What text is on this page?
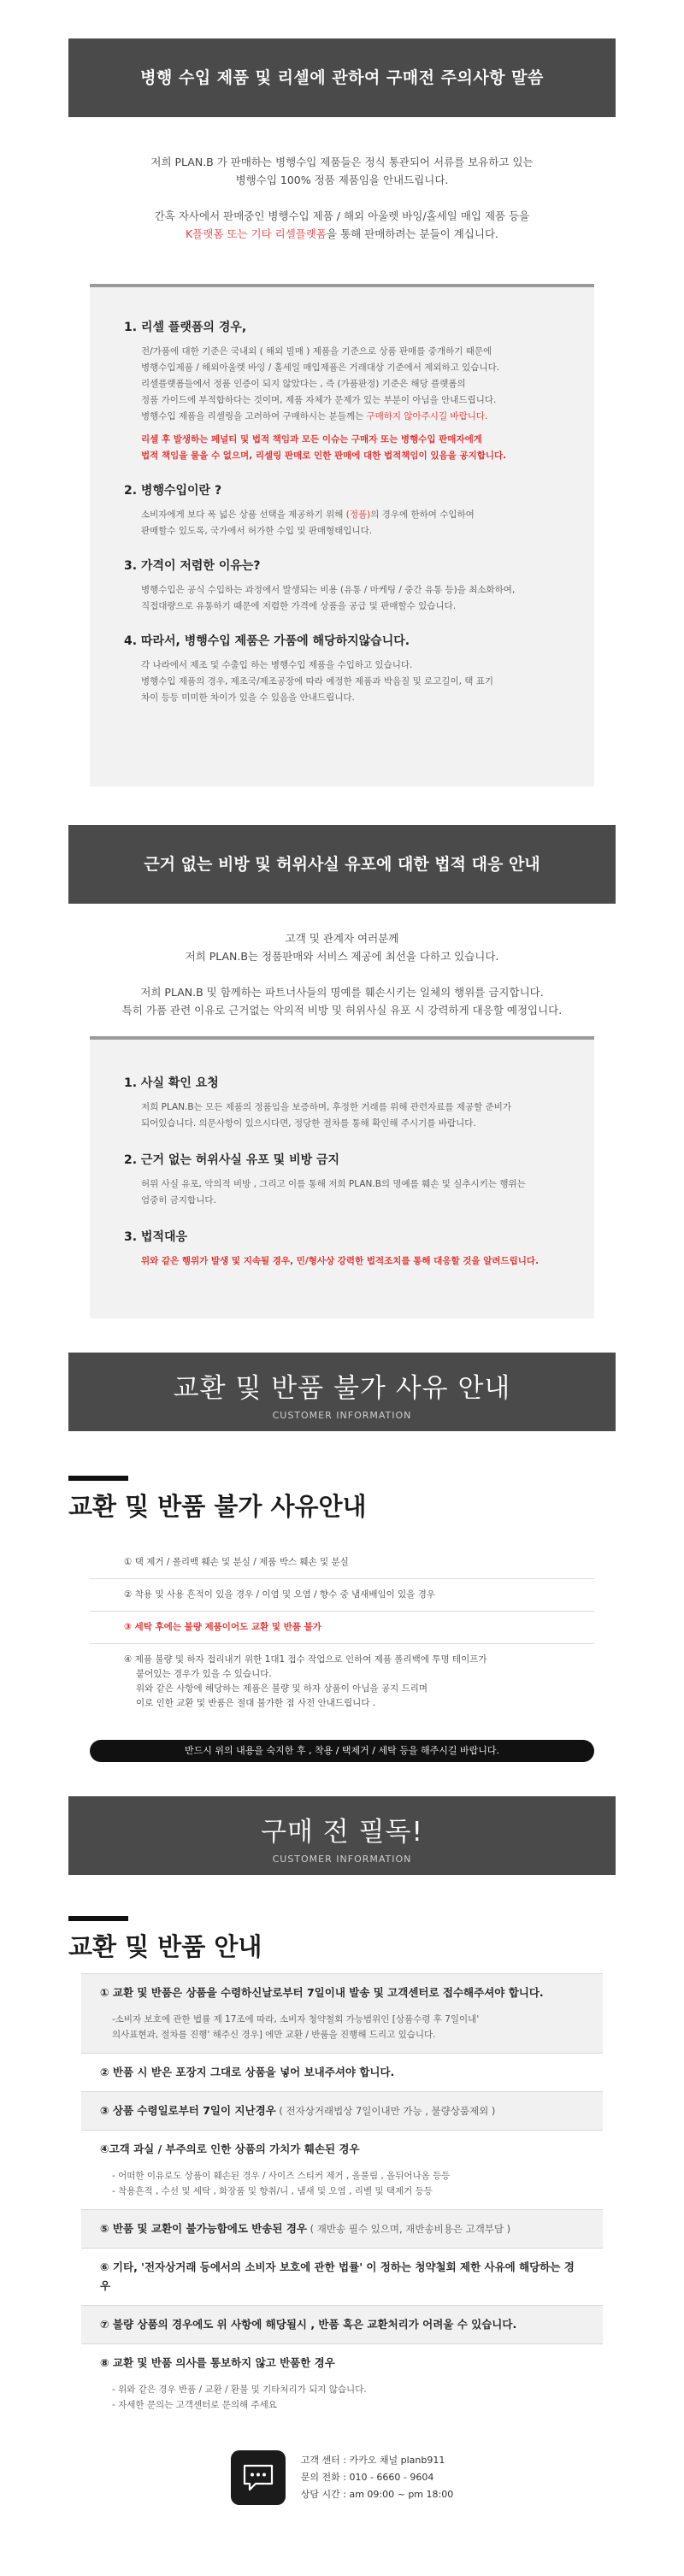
병행 수입 제품 및 리셀에 관하여 구매전 주의사항 말씀
저희 PLAN.B 가 판매하는 병행수입 제품들은 정식 통관되어 서류를 보유하고 있는
병행수입 100% 정품 제품임을 안내드립니다.
간혹 자사에서 판매중인 병행수입 제품 / 해외 아울렛 바잉/홀세일 매입 제품 등을
K플랫폼 또는 기타 리셀플랫폼을 통해 판매하려는 분들이 계십니다.
1. 리셀 플랫폼의 경우,
전/가품에 대한 기준은 국내외 ( 해외 빌매 ) 제품을 기준으로 상품 판매를 중개하기 때문에
병행수입제품 / 해외아울렛 바잉 / 홀세일 매입제품은 거래대상 기준에서 제외하고 있습니다.
리셀플랫폼들에서 정품 인증이 되지 않았다는 , 즉 (가품판정) 기준은 해당 플랫폼의
정품 가이드에 부적합하다는 것이며, 제품 자체가 문제가 있는 부분이 아님을 안내드립니다.
병행수입 제품을 리셀링을 고려하여 구매하시는 분들께는 구매하지 않아주시길 바랍니다.
리셀 후 발생하는 페널티 및 법적 책임과 모든 이슈는 구매자 또는 병행수입 판매자에게
법적 책임을 물을 수 없으며, 리셀링 판매로 인한 판매에 대한 법적책임이 있음을 공지합니다.
2. 병행수입이란 ?
소비자에게 보다 폭 넓은 상품 선택을 제공하기 위해 (정품)의 경우에 한하여 수입하여
판매할수 있도록, 국가에서 허가한 수입 및 판매형태입니다.
3. 가격이 저렴한 이유는?
병행수입은 공식 수입하는 과정에서 발생되는 비용 (유통 / 마케팅 / 중간 유통 등)을 최소화하여,
직접대량으로 유통하기 때문에 저렴한 가격에 상품을 공급 및 판매할수 있습니다.
4. 따라서, 병행수입 제품은 가품에 해당하지않습니다.
각 나라에서 제조 및 수출입 하는 병행수입 제품을 수입하고 있습니다.
병행수입 제품의 경우, 제조국/제조공장에 따라 예정한 제품과 박음질 및 로고길이, 택 표기
차이 등등 미미한 차이가 있을 수 있음을 안내드립니다.
근거 없는 비방 및 허위사실 유포에 대한 법적 대응 안내
고객 및 관계자 여러분께
저희 PLAN.B는 정품판매와 서비스 제공에 최선을 다하고 있습니다.
저희 PLAN.B 및 함께하는 파트너사들의 명예를 훼손시키는 일체의 행위를 금지합니다.
특히 가품 관련 이유로 근거없는 악의적 비방 및 허위사실 유포 시 강력하게 대응할 예정입니다.
1. 사실 확인 요청
저희 PLAN.B는 모든 제품의 정품임을 보증하며, 후정한 거래를 위해 관련자료를 제공할 준비가
되어있습니다. 의문사항이 있으시다면, 정당한 절차를 통해 확인해 주시기를 바랍니다.
2. 근거 없는 허위사실 유포 및 비방 금지
허위 사실 유포, 악의적 비방 , 그리고 이를 통해 저희 PLAN.B의 명예를 훼손 및 실추시키는 행위는
엄중히 금지합니다.
3. 법적대응
위와 같은 행위가 발생 및 지속될 경우, 민/형사상 강력한 법적조치를 통해 대응할 것을 알려드립니다.
교환 및 반품 불가 사유 안내
CUSTOMER INFORMATION
교환 및 반품 불가 사유안내
① 택 제거 / 폴리백 훼손 및 분실 / 제품 박스 훼손 및 분실
② 착용 및 사용 흔적이 있을 경우 / 이염 및 오염 / 향수 중 냄새배임이 있을 경우
③ 세탁 후에는 불량 제품이어도 교환 및 반품 불가
④ 제품 불량 및 하자 접리내기 위한 1대1 접수 작업으로 인하여 제품 폴리백에 투명 테이프가
붙어있는 경우가 있을 수 있습니다.
위와 같은 사항에 해당하는 제품은 불량 및 하자 상품이 아님을 공지 드리며
이로 인한 교환 및 반품은 절대 불가한 점 사전 안내드립니다 .
반드시 위의 내용을 숙지한 후 , 착용 / 택제거 / 세탁 등을 해주시길 바랍니다.
구매 전 필독!
CUSTOMER INFORMATION
교환 및 반품 안내
① 교환 및 반품은 상품을 수령하신날로부터 7일이내 발송 및 고객센터로 접수해주셔야 합니다.
-소비자 보호에 관한 법률 제 17조에 따라, 소비자 청약철회 가능범위인 [상품수령 후 7일이내'
의사표현과, 절차를 진행' 해주신 경우] 에만 교환 / 반품을 진행해 드리고 있습니다.
② 반품 시 받은 포장지 그대로 상품을 넣어 보내주셔야 합니다.
③ 상품 수령일로부터 7일이 지난경우 ( 전자상거래법상 7일이내만 가능 , 불량상품제외 )
④고객 과실 / 부주의로 인한 상품의 가치가 훼손된 경우
- 어떠한 이유로도 상품이 훼손된 경우 / 사이즈 스티커 제거 , 올풀림 , 올뒤어나옴 등등
- 착용흔적 , 수선 및 세탁 , 화장품 및 향취/니 , 냄새 및 오염 , 리벨 및 택제거 등등
⑤ 반품 및 교환이 불가능함에도 반송된 경우 ( 재반송 필수 있으며, 재반송비용은 고객부담 )
⑥ 기타, '전자상거래 등에서의 소비자 보호에 관한 법률' 이 정하는 청약철회 제한 사유에 해당하는 경우
⑦ 불량 상품의 경우에도 위 사항에 해당될시 , 반품 혹은 교환처리가 어려울 수 있습니다.
⑧ 교환 및 반품 의사를 통보하지 않고 반품한 경우
- 위와 같은 경우 반품 / 교환 / 환불 및 기타처리가 되지 않습니다.
- 자세한 문의는 고객센터로 문의해 주세요
고객 센터 : 카카오 채널 planb911
문의 전화 : 010 - 6660 - 9604
상담 시간 : am 09:00 ~ pm 18:00
